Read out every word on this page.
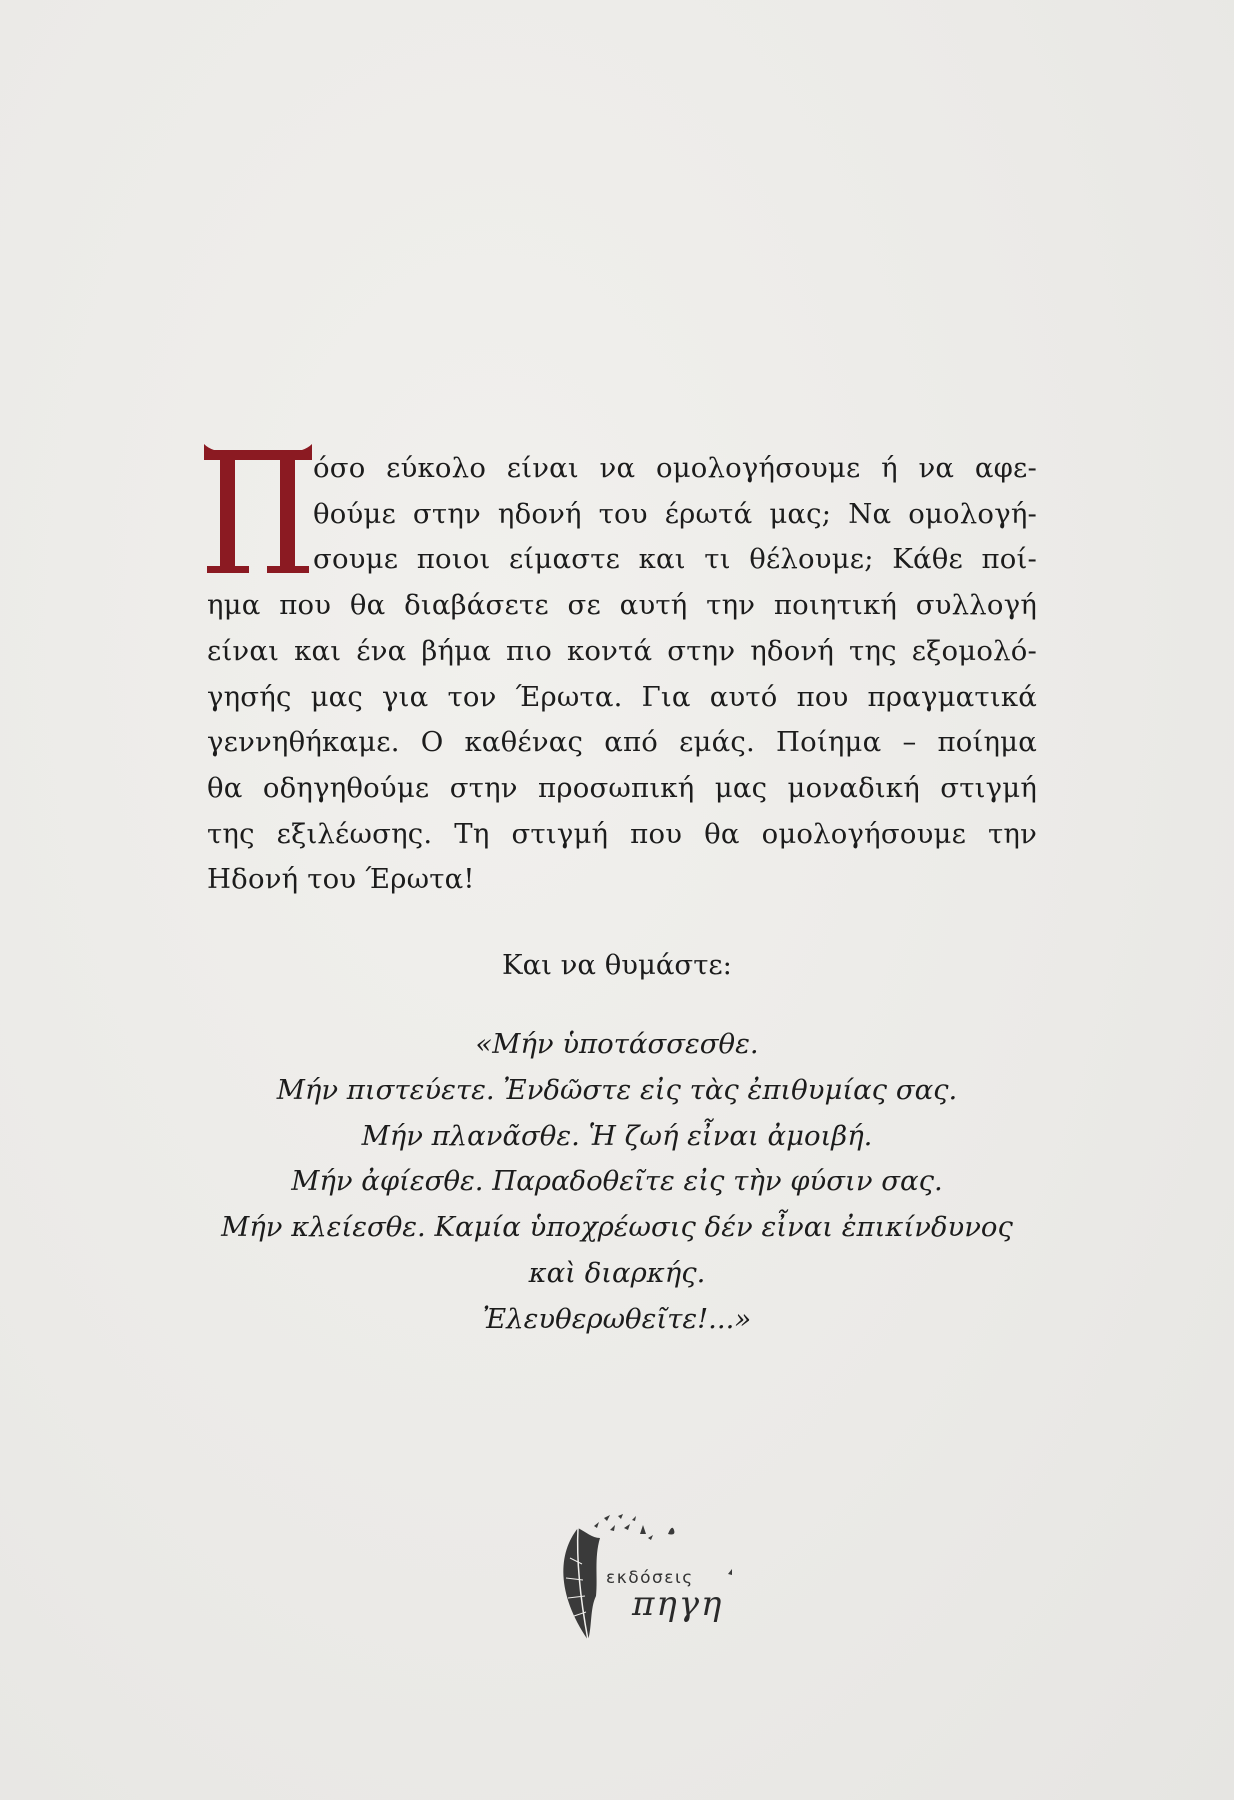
όσο εύκολο είναι να ομολογήσουμε ή να αφε-
θούμε στην ηδονή του έρωτά μας; Να ομολογή-
σουμε ποιοι είμαστε και τι θέλουμε; Κάθε ποί-
ημα που θα διαβάσετε σε αυτή την ποιητική συλλογή
είναι και ένα βήμα πιο κοντά στην ηδονή της εξομολό-
γησής μας για τον Έρωτα. Για αυτό που πραγματικά
γεννηθήκαμε. Ο καθένας από εμάς. Ποίημα – ποίημα
θα οδηγηθούμε στην προσωπική μας μοναδική στιγμή
της εξιλέωσης. Τη στιγμή που θα ομολογήσουμε την
Ηδονή του Έρωτα!
Και να θυμάστε:
«Μήν ὑποτάσσεσθε.
Μήν πιστεύετε. Ἐνδῶστε εἰς τὰς ἐπιθυμίας σας.
Μήν πλανᾶσθε. Ἡ ζωή εἶναι ἀμοιβή.
Μήν ἀφίεσθε. Παραδοθεῖτε εἰς τὴν φύσιν σας.
Μήν κλείεσθε. Καμία ὑποχρέωσις δέν εἶναι ἐπικίνδυνος
καὶ διαρκής.
Ἐλευθερωθεῖτε!...»
εκδόσεις
πηγη
